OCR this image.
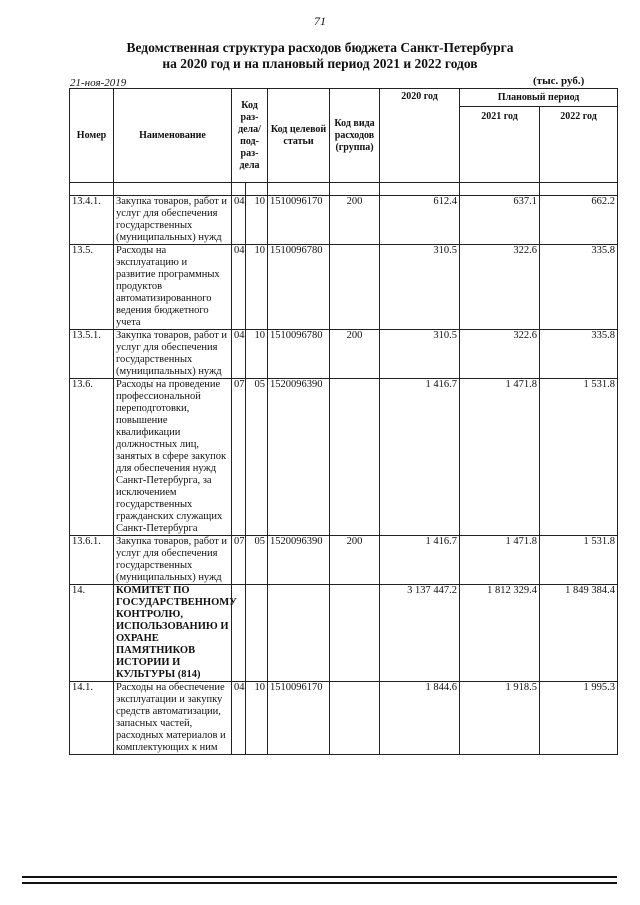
71
Ведомственная структура расходов бюджета Санкт-Петербурга
на 2020 год и на плановый период 2021 и 2022 годов
21-ноя-2019	(тыс. руб.)
Номер	Наименование	Код раз-дела/ под-раз-дела		Код целевой статьи	Код вида расходов (группа)	2020 год	Плановый период	
							2021 год	2022 год

13.4.1.	Закупка товаров, работ и услуг для обеспечения государственных (муниципальных) нужд	04	10	1510096170	200	612.4	637.1	662.2
13.5.	Расходы на эксплуатацию и развитие программных продуктов автоматизированного ведения бюджетного учета	04	10	1510096780		310.5	322.6	335.8
13.5.1.	Закупка товаров, работ и услуг для обеспечения государственных (муниципальных) нужд	04	10	1510096780	200	310.5	322.6	335.8
13.6.	Расходы на проведение профессиональной переподготовки, повышение квалификации должностных лиц, занятых в сфере закупок для обеспечения нужд Санкт-Петербурга, за исключением государственных гражданских служащих Санкт-Петербурга	07	05	1520096390		1 416.7	1 471.8	1 531.8
13.6.1.	Закупка товаров, работ и услуг для обеспечения государственных (муниципальных) нужд	07	05	1520096390	200	1 416.7	1 471.8	1 531.8
14.	КОМИТЕТ ПО ГОСУДАРСТВЕННОМУ КОНТРОЛЮ, ИСПОЛЬЗОВАНИЮ И ОХРАНЕ ПАМЯТНИКОВ ИСТОРИИ И КУЛЬТУРЫ (814)					3 137 447.2	1 812 329.4	1 849 384.4
14.1.	Расходы на обеспечение эксплуатации и закупку средств автоматизации, запасных частей, расходных материалов и комплектующих к ним	04	10	1510096170		1 844.6	1 918.5	1 995.3
